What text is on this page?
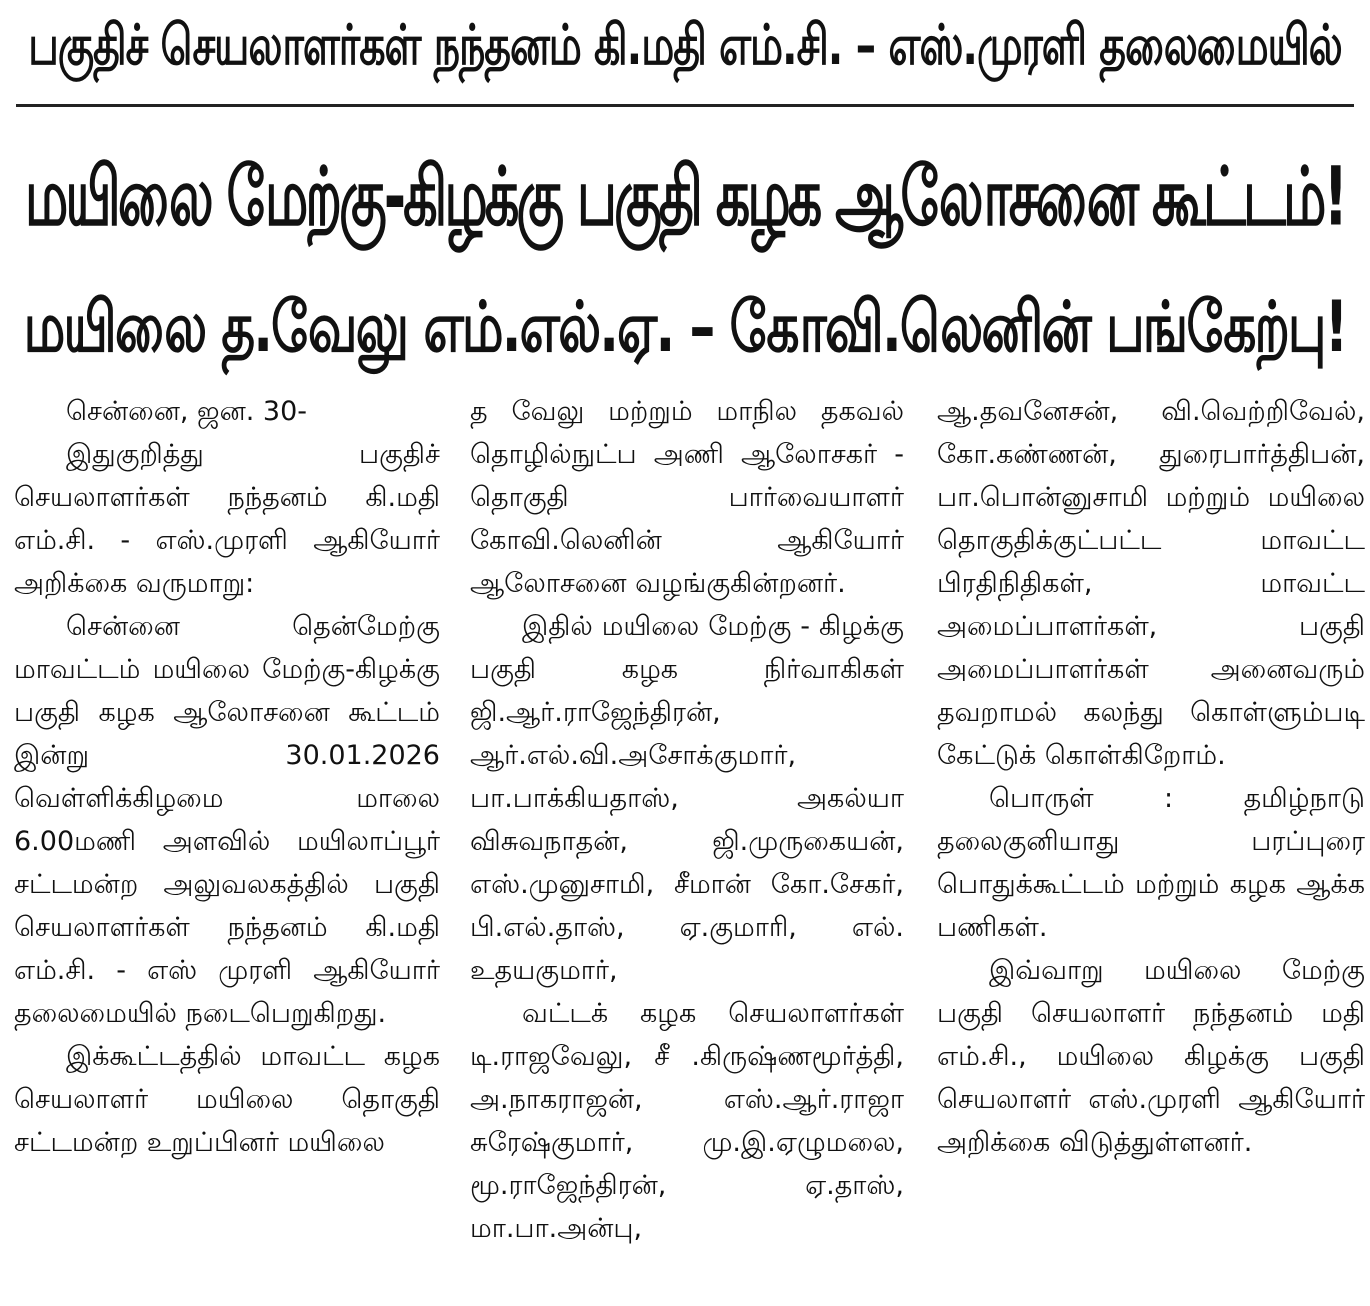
பகுதிச் செயலாளர்கள் நந்தனம் கி.மதி எம்.சி. – எஸ்.முரளி தலைமையில்
மயிலை மேற்கு-கிழக்கு பகுதி கழக ஆலோசனை கூட்டம்!
மயிலை த.வேலு எம்.எல்.ஏ. – கோவி.லெனின் பங்கேற்பு!

சென்னை, ஜன. 30-

இதுகுறித்து பகுதிச் செயலாளர்கள் நந்தனம் கி.மதி எம்.சி. - எஸ்.முரளி ஆகியோர் அறிக்கை வருமாறு:

சென்னை தென்மேற்கு மாவட்டம் மயிலை மேற்கு-கிழக்கு பகுதி கழக ஆலோசனை கூட்டம் இன்று 30.01.2026 வெள்ளிக்கிழமை மாலை 6.00மணி அளவில் மயிலாப்பூர் சட்டமன்ற அலுவலகத்தில் பகுதி செயலாளர்கள் நந்தனம் கி.மதி எம்.சி. - எஸ் முரளி ஆகியோர் தலைமையில் நடைபெறுகிறது.

இக்கூட்டத்தில் மாவட்ட கழக செயலாளர் மயிலை தொகுதி சட்டமன்ற உறுப்பினர் மயிலை

த வேலு மற்றும் மாநில தகவல் தொழில்நுட்ப அணி ஆலோசகர் - தொகுதி பார்வையாளர் கோவி.லெனின் ஆகியோர் ஆலோசனை வழங்குகின்றனர்.

இதில் மயிலை மேற்கு - கிழக்கு பகுதி கழக நிர்வாகிகள் ஜி.ஆர்.ராஜேந்திரன், ஆர்.எல்.வி.அசோக்குமார், பா.பாக்கியதாஸ், அகல்யா விசுவநாதன், ஜி.முருகையன், எஸ்.முனுசாமி, சீமான் கோ.சேகர், பி.எல்.தாஸ், ஏ.குமாரி, எல். உதயகுமார்,

வட்டக் கழக செயலாளர்கள் டி.ராஜவேலு, சீ .கிருஷ்ணமூர்த்தி, அ.நாகராஜன், எஸ்.ஆர்.ராஜா சுரேஷ்குமார், மு.இ.ஏழுமலை, மூ.ராஜேந்திரன், ஏ.தாஸ், மா.பா.அன்பு,

ஆ.தவனேசன், வி.வெற்றிவேல், கோ.கண்ணன், துரைபார்த்திபன், பா.பொன்னுசாமி மற்றும் மயிலை தொகுதிக்குட்பட்ட மாவட்ட பிரதிநிதிகள், மாவட்ட அமைப்பாளர்கள், பகுதி அமைப்பாளர்கள் அனைவரும் தவறாமல் கலந்து கொள்ளும்படி கேட்டுக் கொள்கிறோம்.

பொருள் : தமிழ்நாடு தலைகுனியாது பரப்புரை பொதுக்கூட்டம் மற்றும் கழக ஆக்க பணிகள்.

இவ்வாறு மயிலை மேற்கு பகுதி செயலாளர் நந்தனம் மதி எம்.சி., மயிலை கிழக்கு பகுதி செயலாளர் எஸ்.முரளி ஆகியோர் அறிக்கை விடுத்துள்ளனர்.
